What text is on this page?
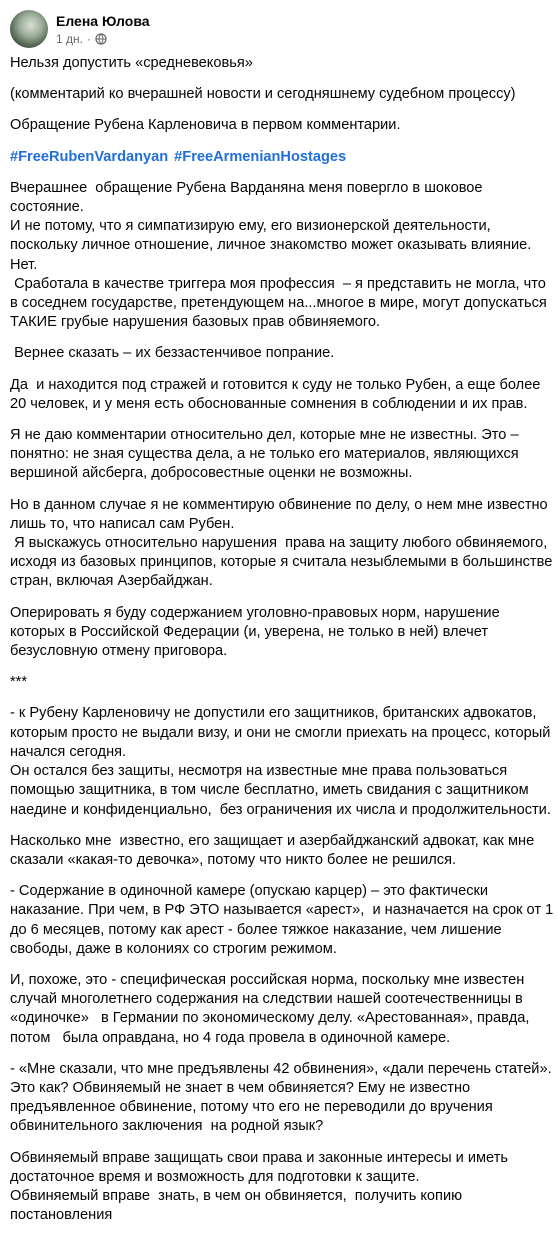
Елена Юлова
1 дн. ·
Нельзя допустить «средневековья»
(комментарий ко вчерашней новости и сегодняшнему судебном процессу)
Обращение Рубена Карленовича в первом комментарии.
#FreeRubenVardanyan #FreeArmenianHostages
Вчерашнее  обращение Рубена Варданяна меня повергло в шоковое состояние.
И не потому, что я симпатизирую ему, его визионерской деятельности, поскольку личное отношение, личное знакомство может оказывать влияние.
Нет.
Сработала в качестве триггера моя профессия  – я представить не могла, что в соседнем государстве, претендующем на...многое в мире, могут допускаться ТАКИЕ грубые нарушения базовых прав обвиняемого.
Вернее сказать – их беззастенчивое попрание.
Да  и находится под стражей и готовится к суду не только Рубен, а еще более 20 человек, и у меня есть обоснованные сомнения в соблюдении и их прав.
Я не даю комментарии относительно дел, которые мне не известны. Это – понятно: не зная существа дела, а не только его материалов, являющихся вершиной айсберга, добросовестные оценки не возможны.
Но в данном случае я не комментирую обвинение по делу, о нем мне известно лишь то, что написал сам Рубен.
Я выскажусь относительно нарушения  права на защиту любого обвиняемого, исходя из базовых принципов, которые я считала незыблемыми в большинстве стран, включая Азербайджан.
Оперировать я буду содержанием уголовно-правовых норм, нарушение которых в Российской Федерации (и, уверена, не только в ней) влечет безусловную отмену приговора.
***
- к Рубену Карленовичу не допустили его защитников, британских адвокатов, которым просто не выдали визу, и они не смогли приехать на процесс, который начался сегодня.
Он остался без защиты, несмотря на известные мне права пользоваться помощью защитника, в том числе бесплатно, иметь свидания с защитником наедине и конфиденциально,  без ограничения их числа и продолжительности.
Насколько мне  известно, его защищает и азербайджанский адвокат, как мне сказали «какая-то девочка», потому что никто более не решился.
- Содержание в одиночной камере (опускаю карцер) – это фактически наказание. При чем, в РФ ЭТО называется «арест»,  и назначается на срок от 1 до 6 месяцев, потому как арест - более тяжкое наказание, чем лишение свободы, даже в колониях со строгим режимом.
И, похоже, это - специфическая российская норма, поскольку мне известен случай многолетнего содержания на следствии нашей соотечественницы в «одиночке»   в Германии по экономическому делу. «Арестованная», правда, потом   была оправдана, но 4 года провела в одиночной камере.
- «Мне сказали, что мне предъявлены 42 обвинения», «дали перечень статей». Это как? Обвиняемый не знает в чем обвиняется? Ему не известно предъявленное обвинение, потому что его не переводили до вручения обвинительного заключения  на родной язык?
Обвиняемый вправе защищать свои права и законные интересы и иметь достаточное время и возможность для подготовки к защите.
Обвиняемый вправе  знать, в чем он обвиняется,  получить копию постановления
